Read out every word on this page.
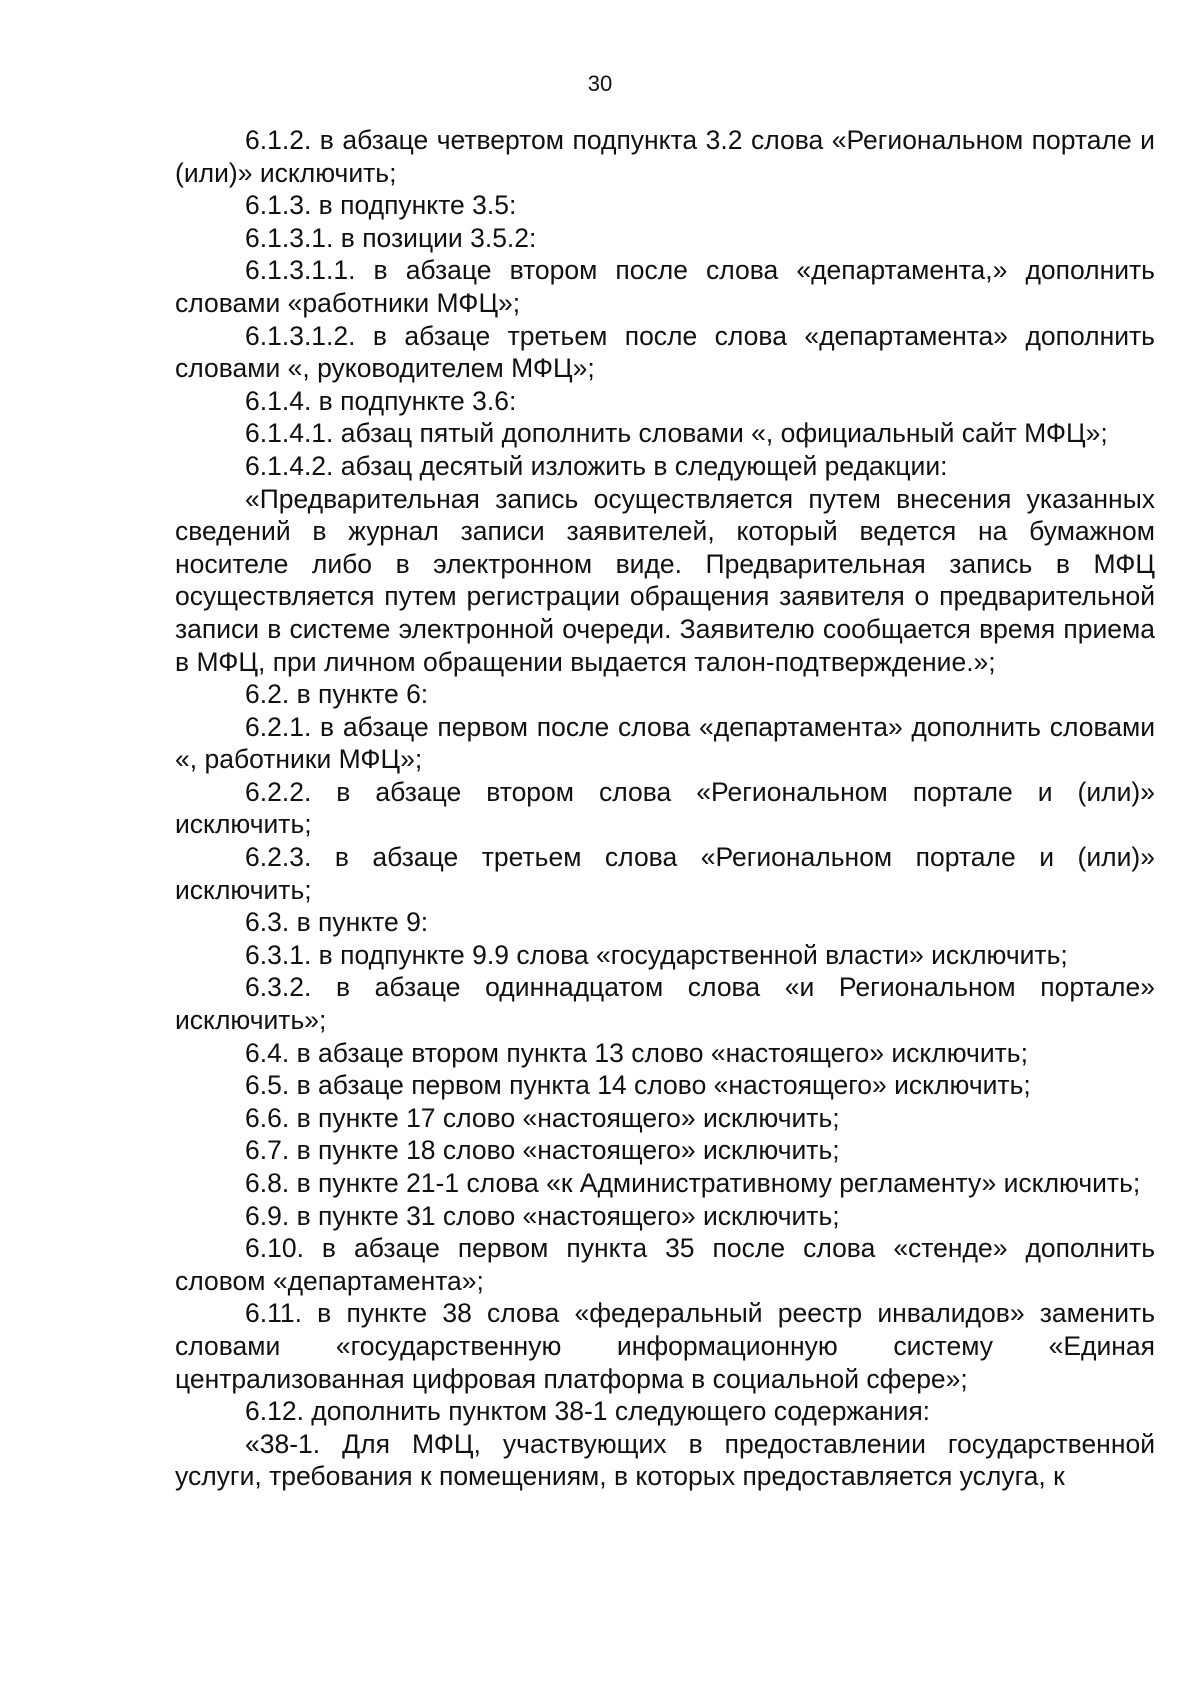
30

6.1.2. в абзаце четвертом подпункта 3.2 слова «Региональном портале и (или)» исключить;

6.1.3. в подпункте 3.5:

6.1.3.1. в позиции 3.5.2:

6.1.3.1.1. в абзаце втором после слова «департамента,» дополнить словами «работники МФЦ»;

6.1.3.1.2. в абзаце третьем после слова «департамента» дополнить словами «, руководителем МФЦ»;

6.1.4. в подпункте 3.6:

6.1.4.1. абзац пятый дополнить словами «, официальный сайт МФЦ»;

6.1.4.2. абзац десятый изложить в следующей редакции:

«Предварительная запись осуществляется путем внесения указанных сведений в журнал записи заявителей, который ведется на бумажном носителе либо в электронном виде. Предварительная запись в МФЦ осуществляется путем регистрации обращения заявителя о предварительной записи в системе электронной очереди. Заявителю сообщается время приема в МФЦ, при личном обращении выдается талон-подтверждение.»;

6.2. в пункте 6:

6.2.1. в абзаце первом после слова «департамента» дополнить словами «, работники МФЦ»;

6.2.2. в абзаце втором слова «Региональном портале и (или)» исключить;

6.2.3. в абзаце третьем слова «Региональном портале и (или)» исключить;

6.3. в пункте 9:

6.3.1. в подпункте 9.9 слова «государственной власти» исключить;

6.3.2. в абзаце одиннадцатом слова «и Региональном портале» исключить»;

6.4. в абзаце втором пункта 13 слово «настоящего» исключить;

6.5. в абзаце первом пункта 14 слово «настоящего» исключить;

6.6. в пункте 17 слово «настоящего» исключить;

6.7. в пункте 18 слово «настоящего» исключить;

6.8. в пункте 21-1 слова «к Административному регламенту» исключить;

6.9. в пункте 31 слово «настоящего» исключить;

6.10. в абзаце первом пункта 35 после слова «стенде» дополнить словом «департамента»;

6.11. в пункте 38 слова «федеральный реестр инвалидов» заменить словами «государственную информационную систему «Единая централизованная цифровая платформа в социальной сфере»;

6.12. дополнить пунктом 38-1 следующего содержания:

«38-1. Для МФЦ, участвующих в предоставлении государственной услуги, требования к помещениям, в которых предоставляется услуга, к
